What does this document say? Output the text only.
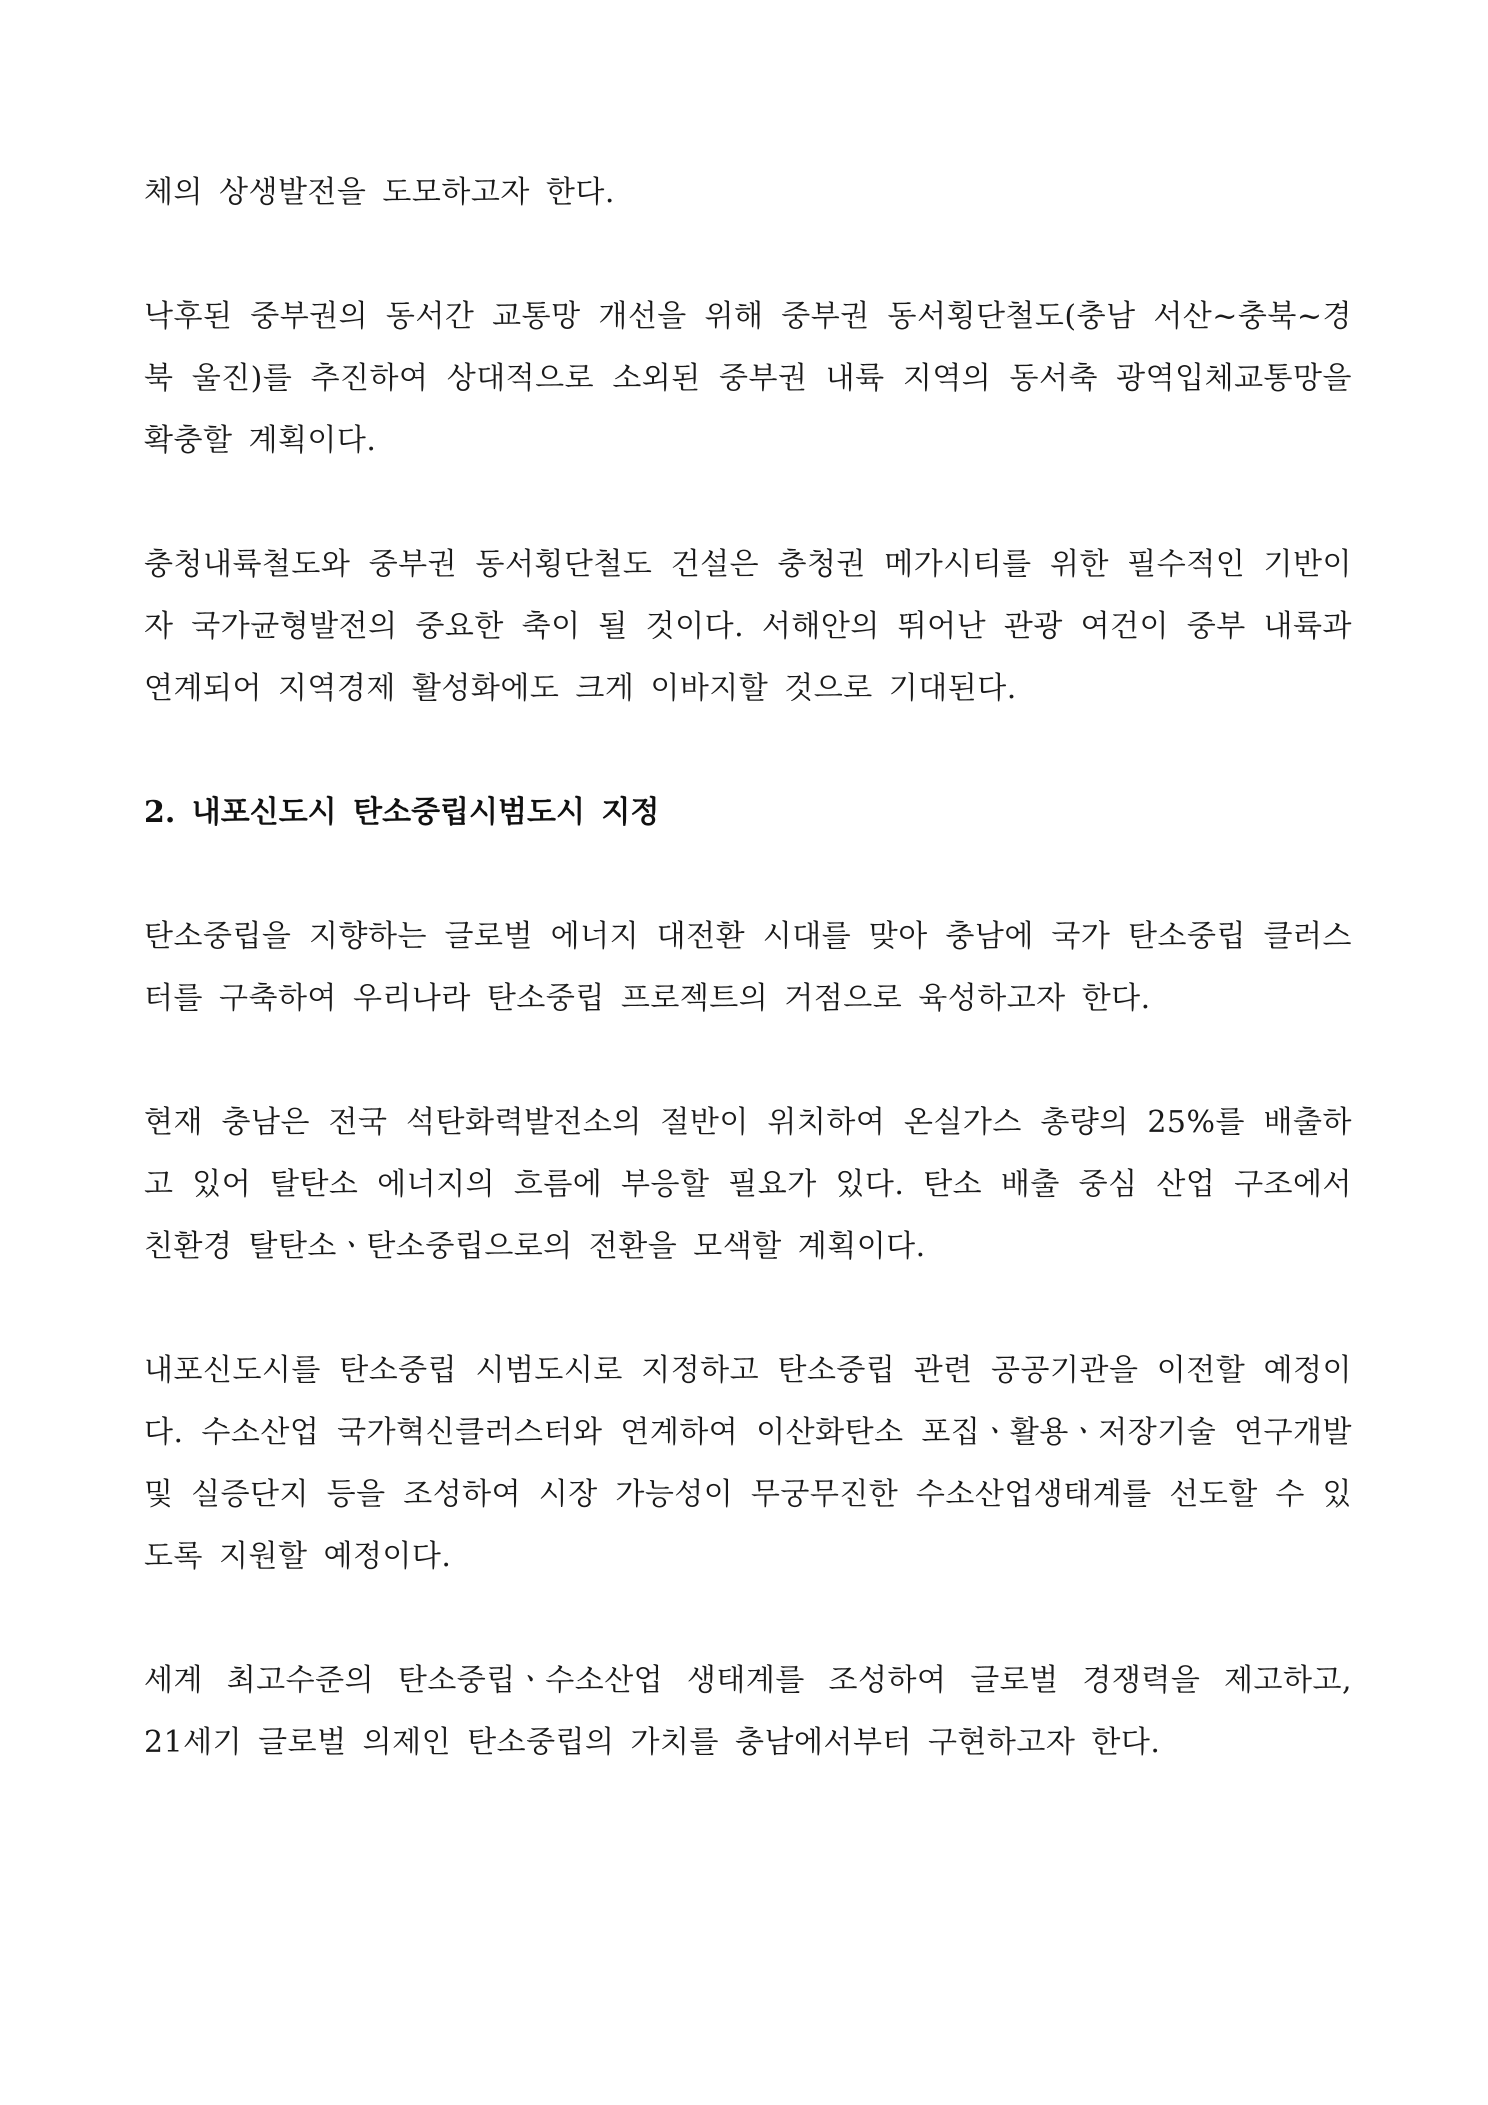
체의 상생발전을 도모하고자 한다.

낙후된 중부권의 동서간 교통망 개선을 위해 중부권 동서횡단철도(충남 서산~충북~경북 울진)를 추진하여 상대적으로 소외된 중부권 내륙 지역의 동서축 광역입체교통망을 확충할 계획이다.

충청내륙철도와 중부권 동서횡단철도 건설은 충청권 메가시티를 위한 필수적인 기반이자 국가균형발전의 중요한 축이 될 것이다. 서해안의 뛰어난 관광 여건이 중부 내륙과 연계되어 지역경제 활성화에도 크게 이바지할 것으로 기대된다.

2. 내포신도시 탄소중립시범도시 지정

탄소중립을 지향하는 글로벌 에너지 대전환 시대를 맞아 충남에 국가 탄소중립 클러스터를 구축하여 우리나라 탄소중립 프로젝트의 거점으로 육성하고자 한다.

현재 충남은 전국 석탄화력발전소의 절반이 위치하여 온실가스 총량의 25%를 배출하고 있어 탈탄소 에너지의 흐름에 부응할 필요가 있다. 탄소 배출 중심 산업 구조에서 친환경 탈탄소ㆍ탄소중립으로의 전환을 모색할 계획이다.

내포신도시를 탄소중립 시범도시로 지정하고 탄소중립 관련 공공기관을 이전할 예정이다. 수소산업 국가혁신클러스터와 연계하여 이산화탄소 포집ㆍ활용ㆍ저장기술 연구개발 및 실증단지 등을 조성하여 시장 가능성이 무궁무진한 수소산업생태계를 선도할 수 있도록 지원할 예정이다.

세계 최고수준의 탄소중립ㆍ수소산업 생태계를 조성하여 글로벌 경쟁력을 제고하고, 21세기 글로벌 의제인 탄소중립의 가치를 충남에서부터 구현하고자 한다.
